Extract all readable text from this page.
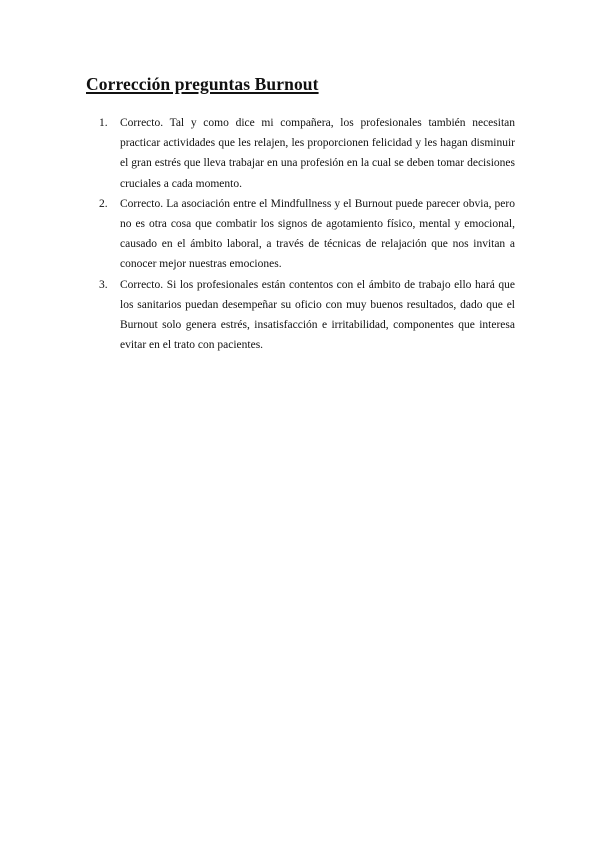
Corrección preguntas Burnout
1.	Correcto. Tal y como dice mi compañera, los profesionales también necesitan practicar actividades que les relajen, les proporcionen felicidad y les hagan disminuir el gran estrés que lleva trabajar en una profesión en la cual se deben tomar decisiones cruciales a cada momento.
2.	Correcto. La asociación entre el Mindfullness y el Burnout puede parecer obvia, pero no es otra cosa que combatir los signos de agotamiento físico, mental y emocional, causado en el ámbito laboral, a través de técnicas de relajación que nos invitan a conocer mejor nuestras emociones.
3.	Correcto. Si los profesionales están contentos con el ámbito de trabajo ello hará que los sanitarios puedan desempeñar su oficio con muy buenos resultados, dado que el Burnout solo genera estrés, insatisfacción e irritabilidad, componentes que interesa evitar en el trato con pacientes.
